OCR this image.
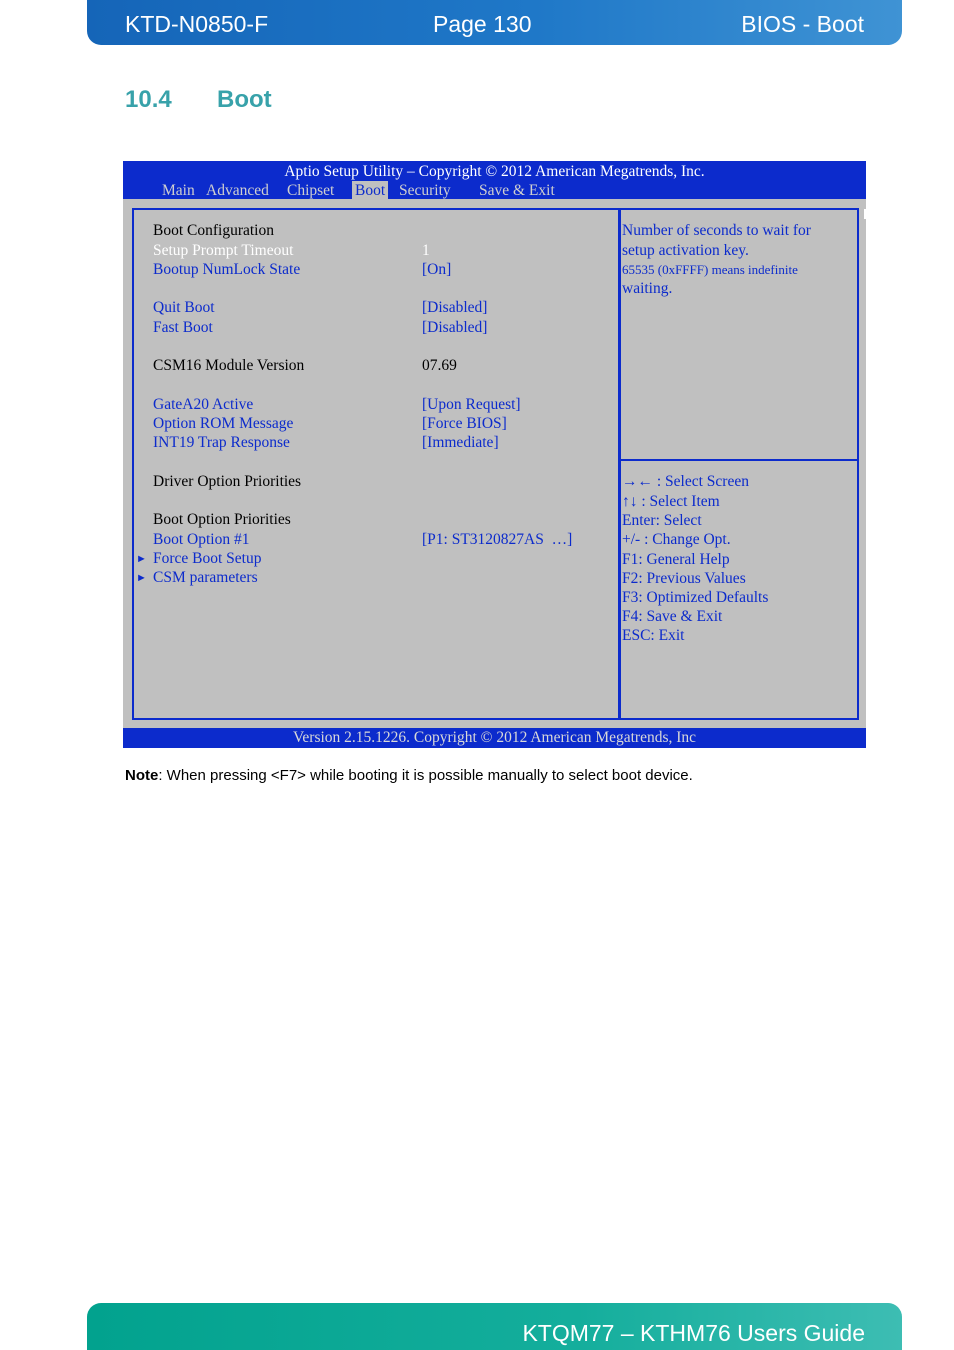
KTD-N0850-F	Page 130	BIOS - Boot
10.4 Boot
Aptio Setup Utility – Copyright © 2012 American Megatrends, Inc.
Main Advanced Chipset Boot Security Save & Exit
Boot Configuration
Setup Prompt Timeout	1
Bootup NumLock State	[On]
Quit Boot	[Disabled]
Fast Boot	[Disabled]
CSM16 Module Version	07.69
GateA20 Active	[Upon Request]
Option ROM Message	[Force BIOS]
INT19 Trap Response	[Immediate]
Driver Option Priorities
Boot Option Priorities
Boot Option #1	[P1: ST3120827AS  …]
► Force Boot Setup
► CSM parameters
Number of seconds to wait for
setup activation key.
65535 (0xFFFF) means indefinite
waiting.
→← : Select Screen
↑↓ : Select Item
Enter: Select
+/- : Change Opt.
F1: General Help
F2: Previous Values
F3: Optimized Defaults
F4: Save & Exit
ESC: Exit
Version 2.15.1226. Copyright © 2012 American Megatrends, Inc
Note: When pressing <F7> while booting it is possible manually to select boot device.
KTQM77 – KTHM76 Users Guide
